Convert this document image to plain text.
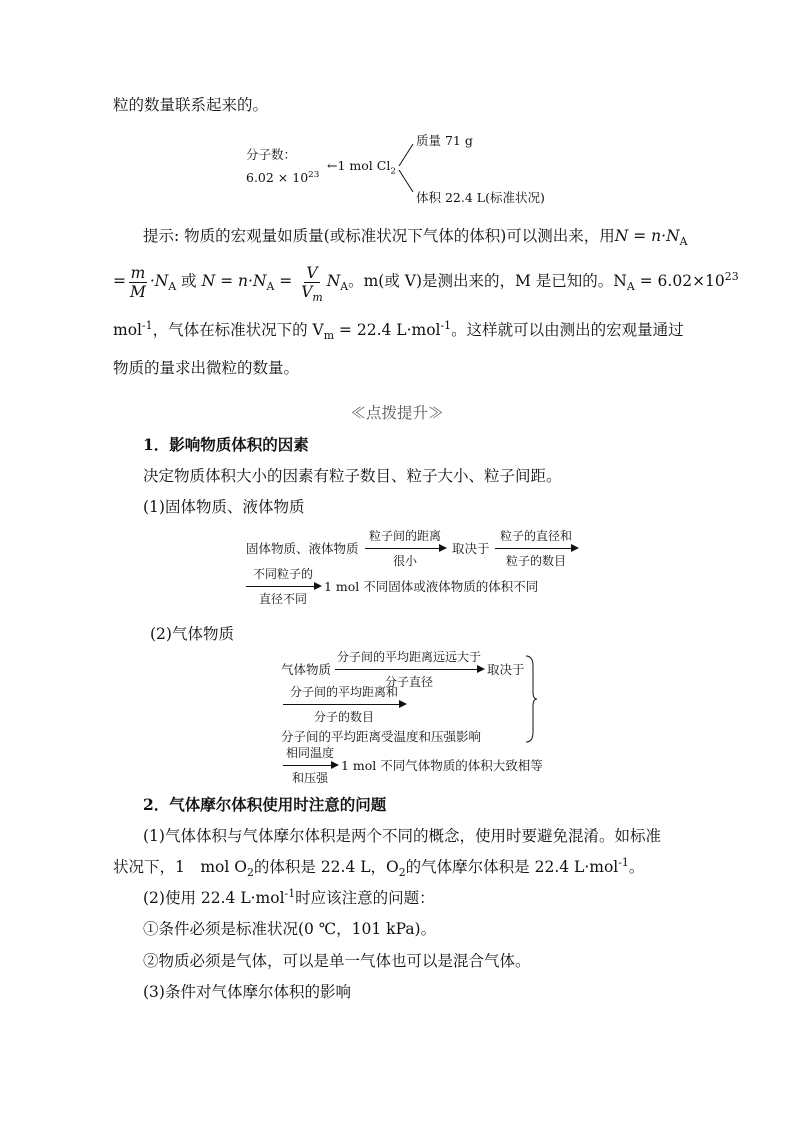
粒的数量联系起来的。
分子数：
$6.02 \times 10^{23}$
←1 mol $Cl_2$
质量 71 g
体积 22.4 L(标准状况)
提示: 物质的宏观量如质量(或标准状况下气体的体积)可以测出来，用$N = n\cdot N_A$
= $\frac{m}{M} \cdot N_A$ 或 $N = n\cdot N_A = \frac{V}{V_m} N_A$。m(或 V)是测出来的，M 是已知的。$N_A = 6.02\times 10^{23}$
mol$^{-1}$，气体在标准状况下的 $V_m = 22.4$ L·mol$^{-1}$。这样就可以由测出的宏观量通过
物质的量求出微粒的数量。
≪点拨提升≫
1．影响物质体积的因素
决定物质体积大小的因素有粒子数目、粒子大小、粒子间距。
(1)固体物质、液体物质
固体物质、液体物质
粒子间的距离
很小
取决于
粒子的直径和
粒子的数目
不同粒子的
直径不同
1 mol 不同固体或液体物质的体积不同
(2)气体物质
气体物质
分子间的平均距离远远大于
分子直径
取决于
分子间的平均距离和
分子的数目
分子间的平均距离受温度和压强影响
相同温度
和压强
1 mol 不同气体物质的体积大致相等
2．气体摩尔体积使用时注意的问题
(1)气体体积与气体摩尔体积是两个不同的概念，使用时要避免混淆。如标准
状况下，1　mol $O_2$的体积是 22.4 L，$O_2$的气体摩尔体积是 22.4 L·mol$^{-1}$。
(2)使用 22.4 L·mol$^{-1}$时应该注意的问题：
①条件必须是标准状况(0 ℃，101 kPa)。
②物质必须是气体，可以是单一气体也可以是混合气体。
(3)条件对气体摩尔体积的影响
